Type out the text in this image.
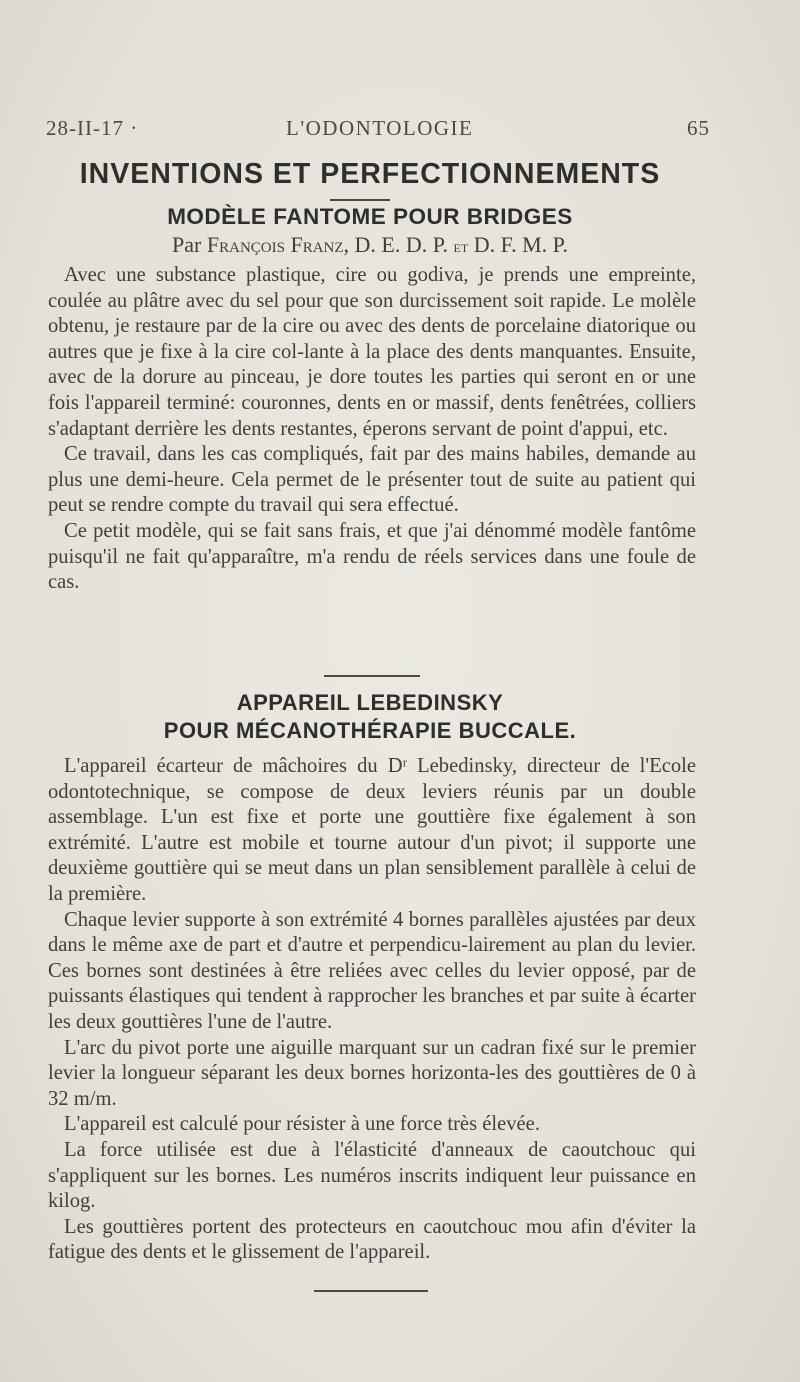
28-II-17 ·	L'ODONTOLOGIE	65
INVENTIONS ET PERFECTIONNEMENTS
MODÈLE FANTOME POUR BRIDGES
Par François Franz, D. E. D. P. et D. F. M. P.

Avec une substance plastique, cire ou godiva, je prends une empreinte, coulée au plâtre avec du sel pour que son durcissement soit rapide. Le molèle obtenu, je restaure par de la cire ou avec des dents de porcelaine diatorique ou autres que je fixe à la cire col-lante à la place des dents manquantes. Ensuite, avec de la dorure au pinceau, je dore toutes les parties qui seront en or une fois l'appareil terminé: couronnes, dents en or massif, dents fenêtrées, colliers s'adaptant derrière les dents restantes, éperons servant de point d'appui, etc.

Ce travail, dans les cas compliqués, fait par des mains habiles, demande au plus une demi-heure. Cela permet de le présenter tout de suite au patient qui peut se rendre compte du travail qui sera effectué.

Ce petit modèle, qui se fait sans frais, et que j'ai dénommé modèle fantôme puisqu'il ne fait qu'apparaître, m'a rendu de réels services dans une foule de cas.

APPAREIL LEBEDINSKY
POUR MÉCANOTHÉRAPIE BUCCALE.

L'appareil écarteur de mâchoires du Dʳ Lebedinsky, directeur de l'Ecole odontotechnique, se compose de deux leviers réunis par un double assemblage. L'un est fixe et porte une gouttière fixe également à son extrémité. L'autre est mobile et tourne autour d'un pivot; il supporte une deuxième gouttière qui se meut dans un plan sensiblement parallèle à celui de la première.

Chaque levier supporte à son extrémité 4 bornes parallèles ajustées par deux dans le même axe de part et d'autre et perpendicu-lairement au plan du levier. Ces bornes sont destinées à être reliées avec celles du levier opposé, par de puissants élastiques qui tendent à rapprocher les branches et par suite à écarter les deux gouttières l'une de l'autre.

L'arc du pivot porte une aiguille marquant sur un cadran fixé sur le premier levier la longueur séparant les deux bornes horizonta-les des gouttières de 0 à 32 m/m.

L'appareil est calculé pour résister à une force très élevée.

La force utilisée est due à l'élasticité d'anneaux de caoutchouc qui s'appliquent sur les bornes. Les numéros inscrits indiquent leur puissance en kilog.

Les gouttières portent des protecteurs en caoutchouc mou afin d'éviter la fatigue des dents et le glissement de l'appareil.
